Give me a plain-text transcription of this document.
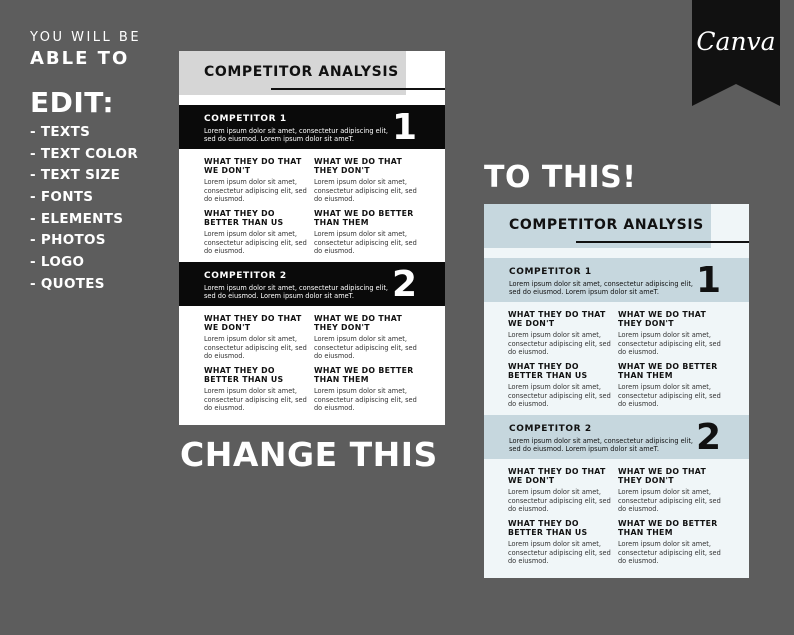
YOU WILL BE
ABLE TO
EDIT:
- TEXTS
- TEXT COLOR
- TEXT SIZE
- FONTS
- ELEMENTS
- PHOTOS
- LOGO
- QUOTES
CHANGE THIS
TO THIS!
Canva
COMPETITOR ANALYSIS
COMPETITOR 1
Lorem ipsum dolor sit amet, consectetur adipiscing elit, sed do eiusmod. Lorem ipsum dolor sit ameT.	1
WHAT THEY DO THAT WE DON'T
Lorem ipsum dolor sit amet, consectetur adipiscing elit, sed do eiusmod.
WHAT WE DO THAT THEY DON'T
Lorem ipsum dolor sit amet, consectetur adipiscing elit, sed do eiusmod.
WHAT THEY DO BETTER THAN US
Lorem ipsum dolor sit amet, consectetur adipiscing elit, sed do eiusmod.
WHAT WE DO BETTER THAN THEM
Lorem ipsum dolor sit amet, consectetur adipiscing elit, sed do eiusmod.
COMPETITOR 2
Lorem ipsum dolor sit amet, consectetur adipiscing elit, sed do eiusmod. Lorem ipsum dolor sit ameT.	2
WHAT THEY DO THAT WE DON'T
Lorem ipsum dolor sit amet, consectetur adipiscing elit, sed do eiusmod.
WHAT WE DO THAT THEY DON'T
Lorem ipsum dolor sit amet, consectetur adipiscing elit, sed do eiusmod.
WHAT THEY DO BETTER THAN US
Lorem ipsum dolor sit amet, consectetur adipiscing elit, sed do eiusmod.
WHAT WE DO BETTER THAN THEM
Lorem ipsum dolor sit amet, consectetur adipiscing elit, sed do eiusmod.
COMPETITOR ANALYSIS
COMPETITOR 1
Lorem ipsum dolor sit amet, consectetur adipiscing elit, sed do eiusmod. Lorem ipsum dolor sit ameT.	1
WHAT THEY DO THAT WE DON'T
Lorem ipsum dolor sit amet, consectetur adipiscing elit, sed do eiusmod.
WHAT WE DO THAT THEY DON'T
Lorem ipsum dolor sit amet, consectetur adipiscing elit, sed do eiusmod.
WHAT THEY DO BETTER THAN US
Lorem ipsum dolor sit amet, consectetur adipiscing elit, sed do eiusmod.
WHAT WE DO BETTER THAN THEM
Lorem ipsum dolor sit amet, consectetur adipiscing elit, sed do eiusmod.
COMPETITOR 2
Lorem ipsum dolor sit amet, consectetur adipiscing elit, sed do eiusmod. Lorem ipsum dolor sit ameT.	2
WHAT THEY DO THAT WE DON'T
Lorem ipsum dolor sit amet, consectetur adipiscing elit, sed do eiusmod.
WHAT WE DO THAT THEY DON'T
Lorem ipsum dolor sit amet, consectetur adipiscing elit, sed do eiusmod.
WHAT THEY DO BETTER THAN US
Lorem ipsum dolor sit amet, consectetur adipiscing elit, sed do eiusmod.
WHAT WE DO BETTER THAN THEM
Lorem ipsum dolor sit amet, consectetur adipiscing elit, sed do eiusmod.
